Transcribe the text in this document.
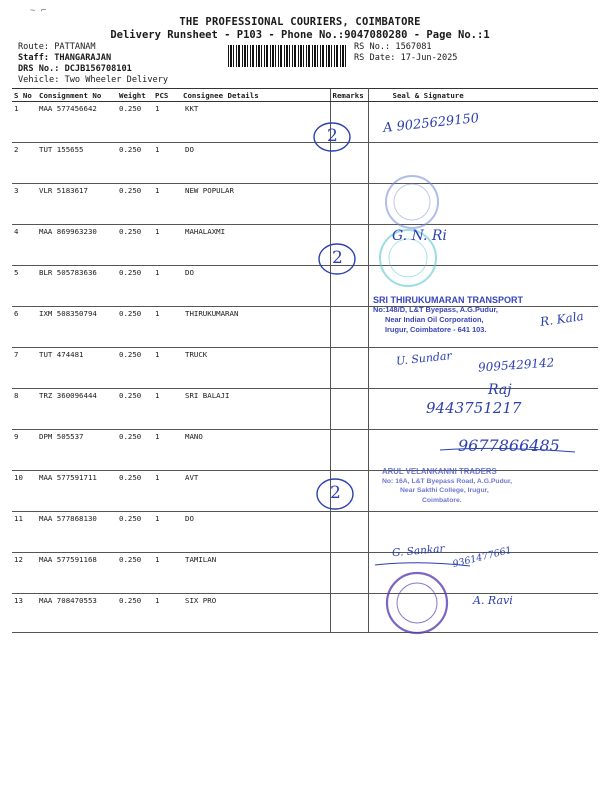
~ ⌐
THE PROFESSIONAL COURIERS, COIMBATORE
Delivery Runsheet - P103 - Phone No.:9047080280 - Page No.:1
Route: PATTANAM
Staff: THANGARAJAN
DRS No.: DCJB156708101
Vehicle: Two Wheeler Delivery
RS No.: 1567081
RS Date: 17-Jun-2025
S No	Consignment No	Weight	PCS	Consignee Details	Remarks	Seal & Signature
1	MAA 577456642	0.250	1	KKT		
2	TUT 155655	0.250	1	DO		
3	VLR 5183617	0.250	1	NEW POPULAR		
4	MAA 869963230	0.250	1	MAHALAXMI		
5	BLR 505783636	0.250	1	DO		
6	IXM 508350794	0.250	1	THIRUKUMARAN		
7	TUT 474481	0.250	1	TRUCK		
8	TRZ 360096444	0.250	1	SRI BALAJI		
9	DPM 505537	0.250	1	MANO		
10	MAA 577591711	0.250	1	AVT		
11	MAA 577868130	0.250	1	DO		
12	MAA 577591168	0.250	1	TAMILAN		
13	MAA 708470553	0.250	1	SIX PRO		
2
2
2
A 9025629150
G. N. Ri
R. Kala
U. Sundar 9095429142
Raj
9443751217
9677866485
G. Sankar 9361477661
A. Ravi
SRI THIRUKUMARAN TRANSPORT
No:148/D, L&T Byepass, A.G.Pudur,
Near Indian Oil Corporation,
Irugur, Coimbatore - 641 103.
ARUL VELANKANNI TRADERS
No: 16A, L&T Byepass Road, A.G.Pudur,
Near Sakthi College, Irugur,
Coimbatore.
